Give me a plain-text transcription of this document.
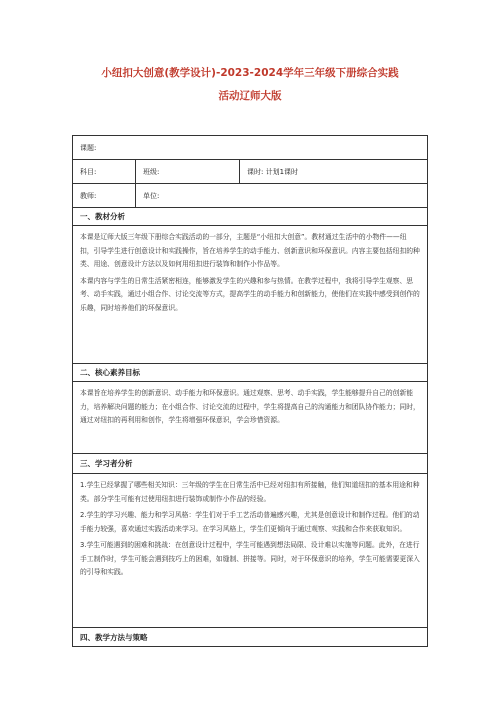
小纽扣大创意(教学设计)-2023-2024学年三年级下册综合实践
活动辽师大版
课题:
科目:	班级:	课时: 计划1课时
教师:	单位:
一、教材分析

本课是辽师大版三年级下册综合实践活动的一部分，主题是“小纽扣大创意”。教材通过生活中的小物件——纽扣，引导学生进行创意设计和实践操作，旨在培养学生的动手能力、创新意识和环保意识。内容主要包括纽扣的种类、用途、创意设计方法以及如何用纽扣进行装饰和制作小作品等。

本课内容与学生的日常生活紧密相连，能够激发学生的兴趣和参与热情。在教学过程中，我将引导学生观察、思考、动手实践，通过小组合作、讨论交流等方式，提高学生的动手能力和创新能力，使他们在实践中感受到创作的乐趣，同时培养他们的环保意识。

二、核心素养目标

本课旨在培养学生的创新意识、动手能力和环保意识。通过观察、思考、动手实践，学生能够提升自己的创新能力，培养解决问题的能力；在小组合作、讨论交流的过程中，学生将提高自己的沟通能力和团队协作能力；同时，通过对纽扣的再利用和创作，学生将增强环保意识，学会珍惜资源。

三、学习者分析

1.学生已经掌握了哪些相关知识：三年级的学生在日常生活中已经对纽扣有所接触，他们知道纽扣的基本用途和种类。部分学生可能有过使用纽扣进行装饰或制作小作品的经验。

2.学生的学习兴趣、能力和学习风格：学生们对于手工艺活动普遍感兴趣，尤其是创意设计和制作过程。他们的动手能力较强，喜欢通过实践活动来学习。在学习风格上，学生们更倾向于通过观察、实践和合作来获取知识。

3.学生可能遇到的困难和挑战：在创意设计过程中，学生可能遇到想法局限、设计难以实施等问题。此外，在进行手工制作时，学生可能会遇到技巧上的困难，如缝制、拼接等。同时，对于环保意识的培养，学生可能需要更深入的引导和实践。

四、教学方法与策略
